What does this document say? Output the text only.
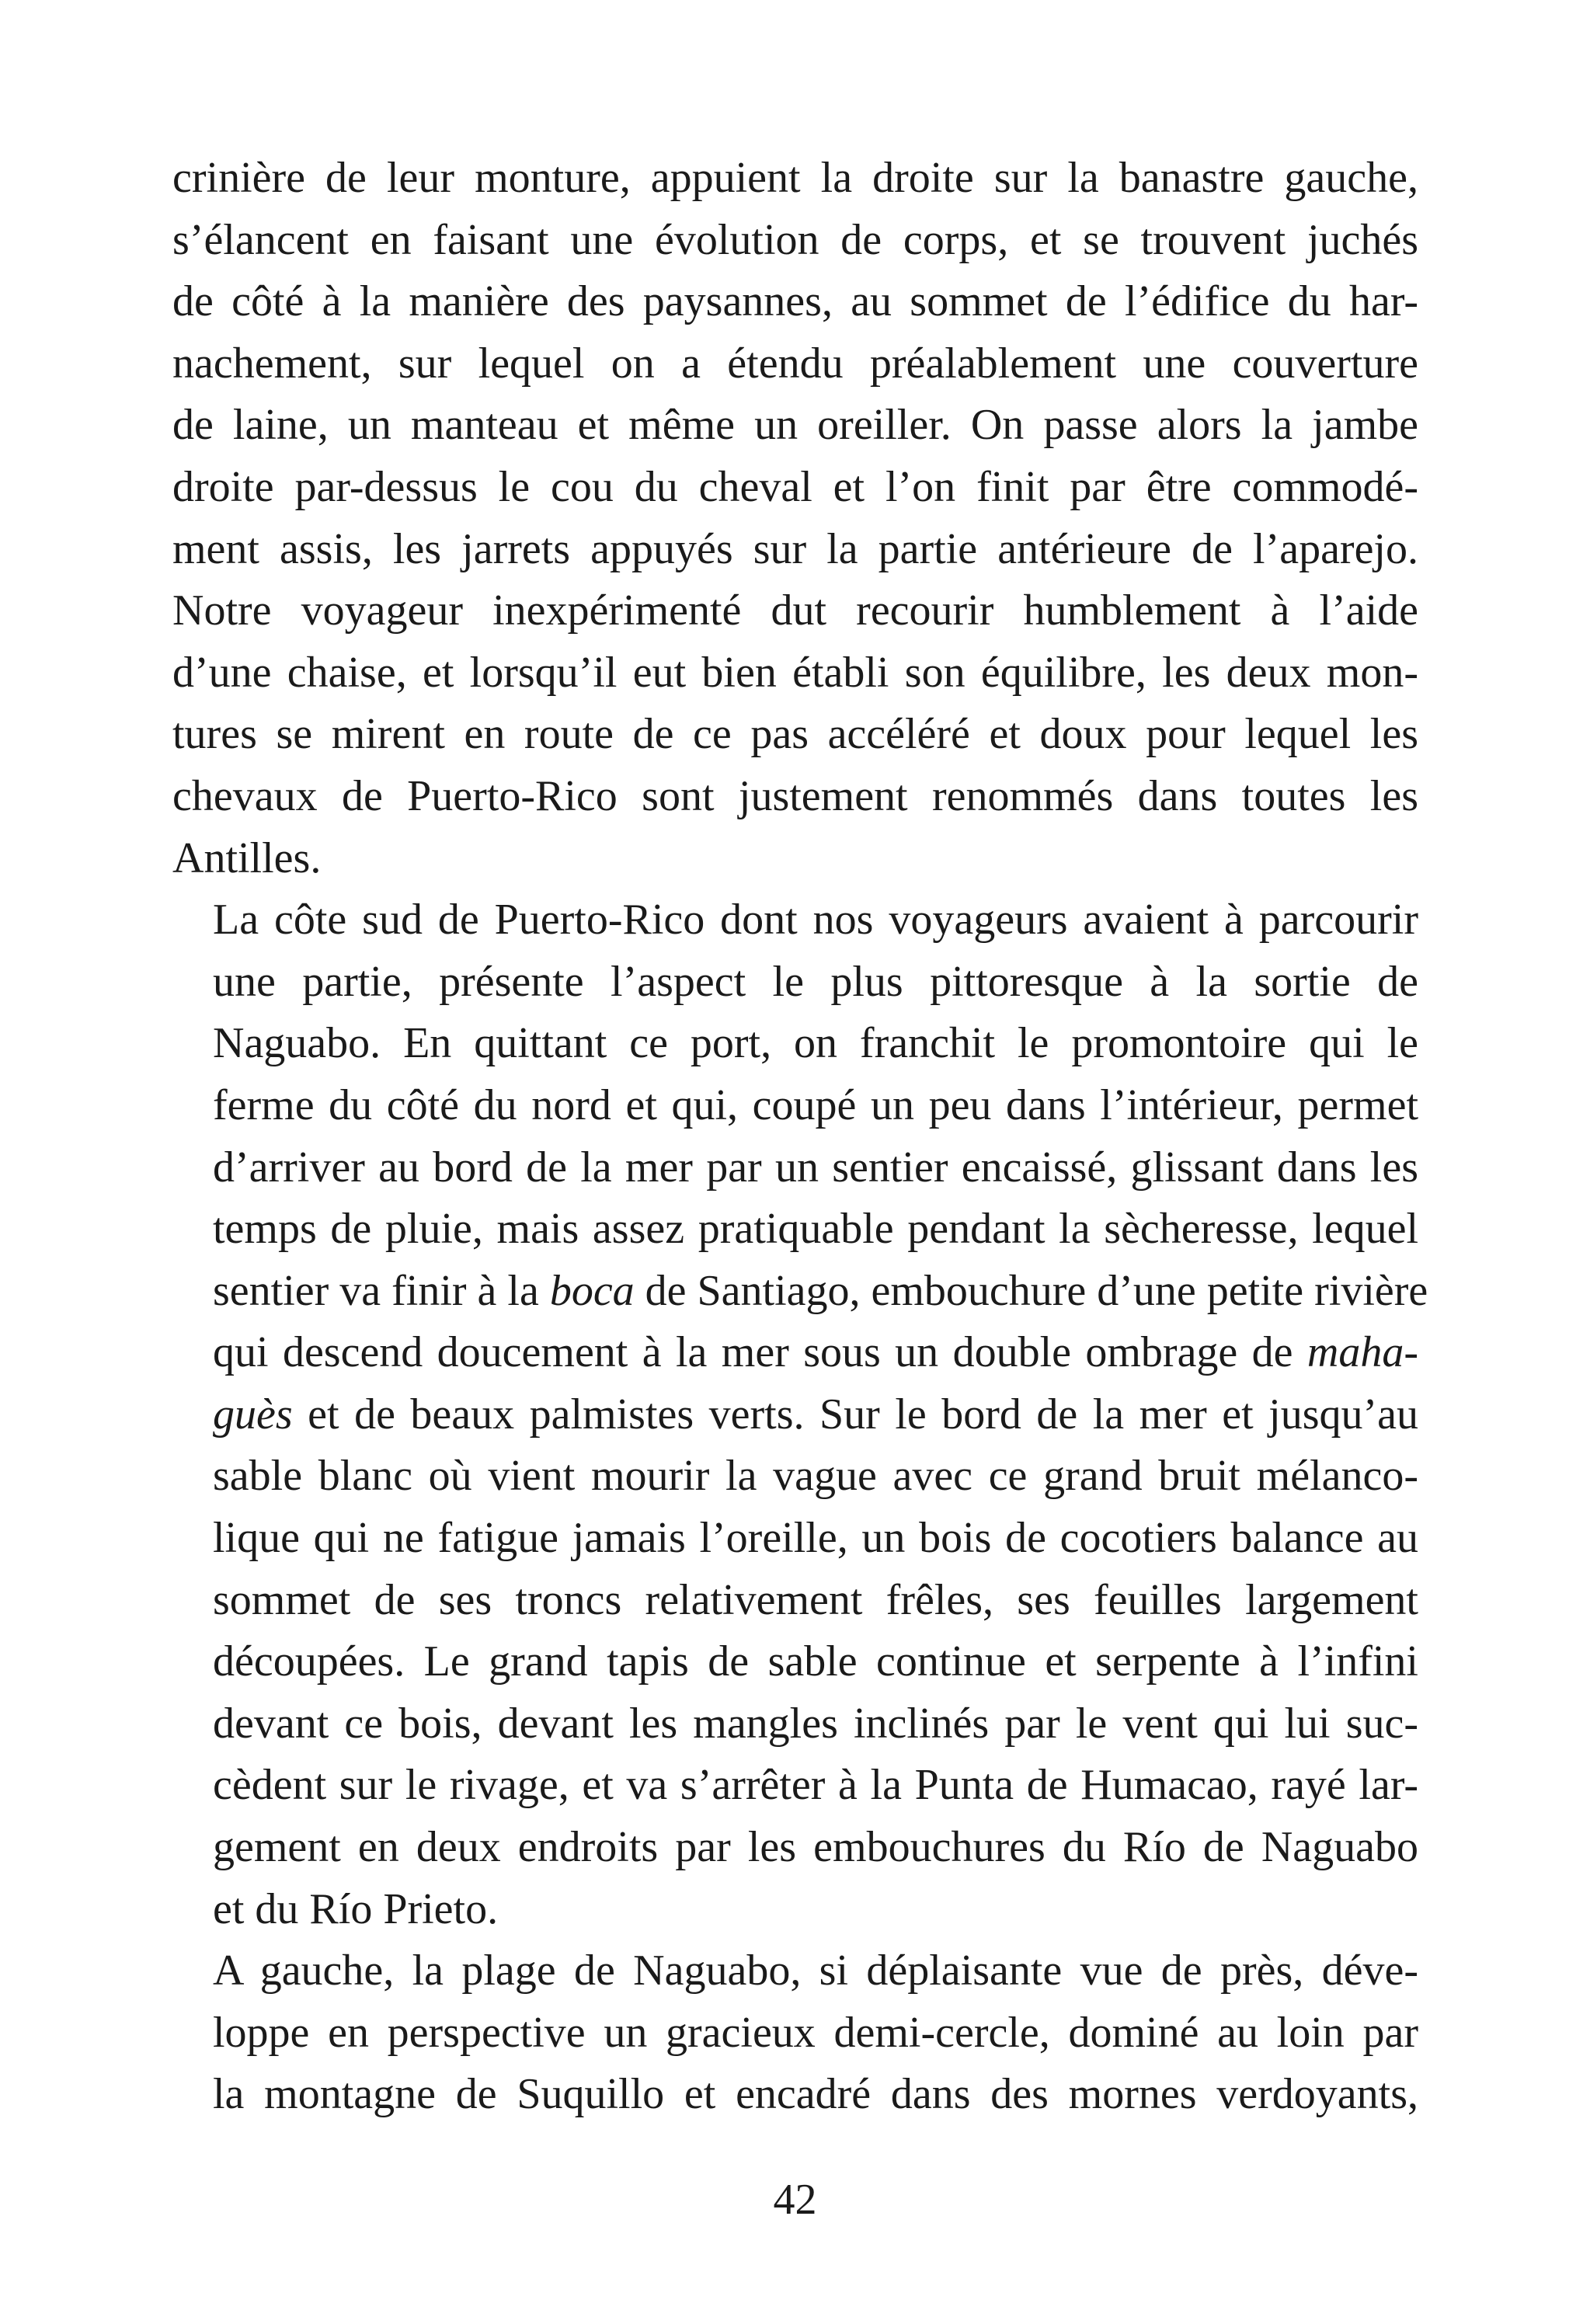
crinière de leur monture, appuient la droite sur la banastre gauche,
s’élancent en faisant une évolution de corps, et se trouvent juchés
de côté à la manière des paysannes, au sommet de l’édifice du har-
nachement, sur lequel on a étendu préalablement une couverture
de laine, un manteau et même un oreiller. On passe alors la jambe
droite par-dessus le cou du cheval et l’on finit par être commodé-
ment assis, les jarrets appuyés sur la partie antérieure de l’aparejo.
Notre voyageur inexpérimenté dut recourir humblement à l’aide
d’une chaise, et lorsqu’il eut bien établi son équilibre, les deux mon-
tures se mirent en route de ce pas accéléré et doux pour lequel les
chevaux de Puerto-Rico sont justement renommés dans toutes les
Antilles.

La côte sud de Puerto-Rico dont nos voyageurs avaient à parcourir
une partie, présente l’aspect le plus pittoresque à la sortie de
Naguabo. En quittant ce port, on franchit le promontoire qui le
ferme du côté du nord et qui, coupé un peu dans l’intérieur, permet
d’arriver au bord de la mer par un sentier encaissé, glissant dans les
temps de pluie, mais assez pratiquable pendant la sècheresse, lequel
sentier va finir à la boca de Santiago, embouchure d’une petite rivière
qui descend doucement à la mer sous un double ombrage de maha-
guès et de beaux palmistes verts. Sur le bord de la mer et jusqu’au
sable blanc où vient mourir la vague avec ce grand bruit mélanco-
lique qui ne fatigue jamais l’oreille, un bois de cocotiers balance au
sommet de ses troncs relativement frêles, ses feuilles largement
découpées. Le grand tapis de sable continue et serpente à l’infini
devant ce bois, devant les mangles inclinés par le vent qui lui suc-
cèdent sur le rivage, et va s’arrêter à la Punta de Humacao, rayé lar-
gement en deux endroits par les embouchures du Río de Naguabo
et du Río Prieto.

A gauche, la plage de Naguabo, si déplaisante vue de près, déve-
loppe en perspective un gracieux demi-cercle, dominé au loin par
la montagne de Suquillo et encadré dans des mornes verdoyants,

42
